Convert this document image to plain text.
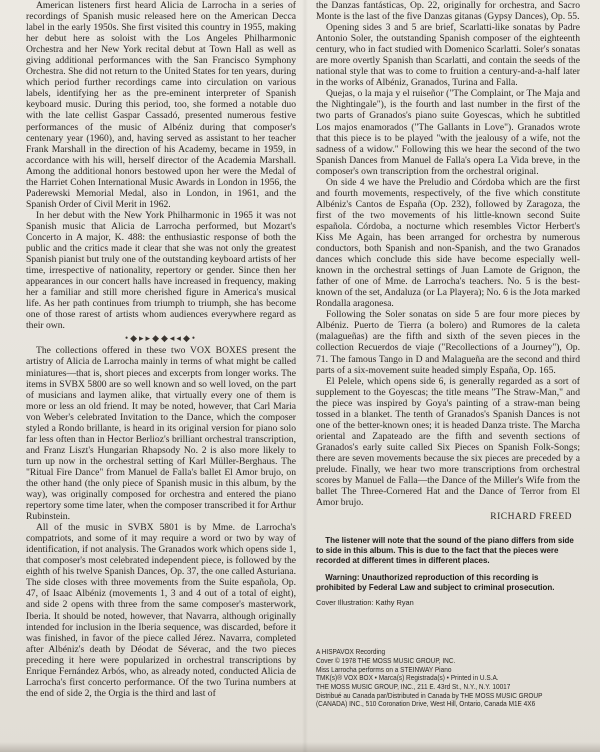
American listeners first heard Alicia de Larrocha in a series of recordings of Spanish music released here on the American Decca label in the early 1950s. She first visited this country in 1955, making her debut here as soloist with the Los Angeles Philharmonic Orchestra and her New York recital debut at Town Hall as well as giving additional performances with the San Francisco Symphony Orchestra. She did not return to the United States for ten years, during which period further recordings came into circulation on various labels, identifying her as the pre-eminent interpreter of Spanish keyboard music. During this period, too, she formed a notable duo with the late cellist Gaspar Cassadó, presented numerous festive performances of the music of Albéniz during that composer's centenary year (1960), and, having served as assistant to her teacher Frank Marshall in the direction of his Academy, became in 1959, in accordance with his will, herself director of the Academia Marshall. Among the additional honors bestowed upon her were the Medal of the Harriet Cohen International Music Awards in London in 1956, the Paderewski Memorial Medal, also in London, in 1961, and the Spanish Order of Civil Merit in 1962.

In her debut with the New York Philharmonic in 1965 it was not Spanish music that Alicia de Larrocha performed, but Mozart's Concerto in A major, K. 488: the enthusiastic response of both the public and the critics made it clear that she was not only the greatest Spanish pianist but truly one of the outstanding keyboard artists of her time, irrespective of nationality, repertory or gender. Since then her appearances in our concert halls have increased in frequency, making her a familiar and still more cherished figure in America's musical life. As her path continues from triumph to triumph, she has become one of those rarest of artists whom audiences everywhere regard as their own.

•◆▸▸◆◆◂◂◆•

The collections offered in these two VOX BOXES present the artistry of Alicia de Larrocha mainly in terms of what might be called miniatures—that is, short pieces and excerpts from longer works. The items in SVBX 5800 are so well known and so well loved, on the part of musicians and laymen alike, that virtually every one of them is more or less an old friend. It may be noted, however, that Carl Maria von Weber's celebrated Invitation to the Dance, which the composer styled a Rondo brillante, is heard in its original version for piano solo far less often than in Hector Berlioz's brilliant orchestral transcription, and Franz Liszt's Hungarian Rhapsody No. 2 is also more likely to turn up now in the orchestral setting of Karl Müller-Berghaus. The "Ritual Fire Dance" from Manuel de Falla's ballet El Amor brujo, on the other hand (the only piece of Spanish music in this album, by the way), was originally composed for orchestra and entered the piano repertory some time later, when the composer transcribed it for Arthur Rubinstein.

All of the music in SVBX 5801 is by Mme. de Larrocha's compatriots, and some of it may require a word or two by way of identification, if not analysis. The Granados work which opens side 1, that composer's most celebrated independent piece, is followed by the eighth of his twelve Spanish Dances, Op. 37, the one called Asturiana. The side closes with three movements from the Suite española, Op. 47, of Isaac Albéniz (movements 1, 3 and 4 out of a total of eight), and side 2 opens with three from the same composer's masterwork, Iberia. It should be noted, however, that Navarra, although originally intended for inclusion in the Iberia sequence, was discarded, before it was finished, in favor of the piece called Jérez. Navarra, completed after Albéniz's death by Déodat de Séverac, and the two pieces preceding it here were popularized in orchestral transcriptions by Enrique Fernández Arbós, who, as already noted, conducted Alicia de Larrocha's first concerto performance. Of the two Turina numbers at the end of side 2, the Orgia is the third and last of

the Danzas fantásticas, Op. 22, originally for orchestra, and Sacro Monte is the last of the five Danzas gitanas (Gypsy Dances), Op. 55.

Opening sides 3 and 5 are brief, Scarlatti-like sonatas by Padre Antonio Soler, the outstanding Spanish composer of the eighteenth century, who in fact studied with Domenico Scarlatti. Soler's sonatas are more overtly Spanish than Scarlatti, and contain the seeds of the national style that was to come to fruition a century-and-a-half later in the works of Albéniz, Granados, Turina and Falla.

Quejas, o la maja y el ruiseñor ("The Complaint, or The Maja and the Nightingale"), is the fourth and last number in the first of the two parts of Granados's piano suite Goyescas, which he subtitled Los majos enamorados ("The Gallants in Love"). Granados wrote that this piece is to be played "with the jealousy of a wife, not the sadness of a widow." Following this we hear the second of the two Spanish Dances from Manuel de Falla's opera La Vida breve, in the composer's own transcription from the orchestral original.

On side 4 we have the Preludio and Córdoba which are the first and fourth movements, respectively, of the five which constitute Albéniz's Cantos de España (Op. 232), followed by Zaragoza, the first of the two movements of his little-known second Suite española. Córdoba, a nocturne which resembles Victor Herbert's Kiss Me Again, has been arranged for orchestra by numerous conductors, both Spanish and non-Spanish, and the two Granados dances which conclude this side have become especially well-known in the orchestral settings of Juan Lamote de Grignon, the father of one of Mme. de Larrocha's teachers. No. 5 is the best-known of the set, Andaluza (or La Playera); No. 6 is the Jota marked Rondalla aragonesa.

Following the Soler sonatas on side 5 are four more pieces by Albéniz. Puerto de Tierra (a bolero) and Rumores de la caleta (malagueñas) are the fifth and sixth of the seven pieces in the collection Recuerdos de viaje ("Recollections of a Journey"), Op. 71. The famous Tango in D and Malagueña are the second and third parts of a six-movement suite headed simply España, Op. 165.

El Pelele, which opens side 6, is generally regarded as a sort of supplement to the Goyescas; the title means "The Straw-Man," and the piece was inspired by Goya's painting of a straw-man being tossed in a blanket. The tenth of Granados's Spanish Dances is not one of the better-known ones; it is headed Danza triste. The Marcha oriental and Zapateado are the fifth and seventh sections of Granados's early suite called Six Pieces on Spanish Folk-Songs; there are seven movements because the six pieces are preceded by a prelude. Finally, we hear two more transcriptions from orchestral scores by Manuel de Falla—the Dance of the Miller's Wife from the ballet The Three-Cornered Hat and the Dance of Terror from El Amor brujo.

RICHARD FREED

The listener will note that the sound of the piano differs from side to side in this album. This is due to the fact that the pieces were recorded at different times in different places.

Warning: Unauthorized reproduction of this recording is prohibited by Federal Law and subject to criminal prosecution.

Cover Illustration: Kathy Ryan
A HISPAVOX Recording
Cover © 1978 THE MOSS MUSIC GROUP, INC.
Miss Larrocha performs on a STEINWAY Piano
TMK(s)® VOX BOX • Marca(s) Registrada(s) • Printed in U.S.A.
THE MOSS MUSIC GROUP, INC., 211 E. 43rd St., N.Y., N.Y. 10017
Distribué au Canada par/Distributed in Canada by THE MOSS MUSIC GROUP
(CANADA) INC., 510 Coronation Drive, West Hill, Ontario, Canada M1E 4X6
